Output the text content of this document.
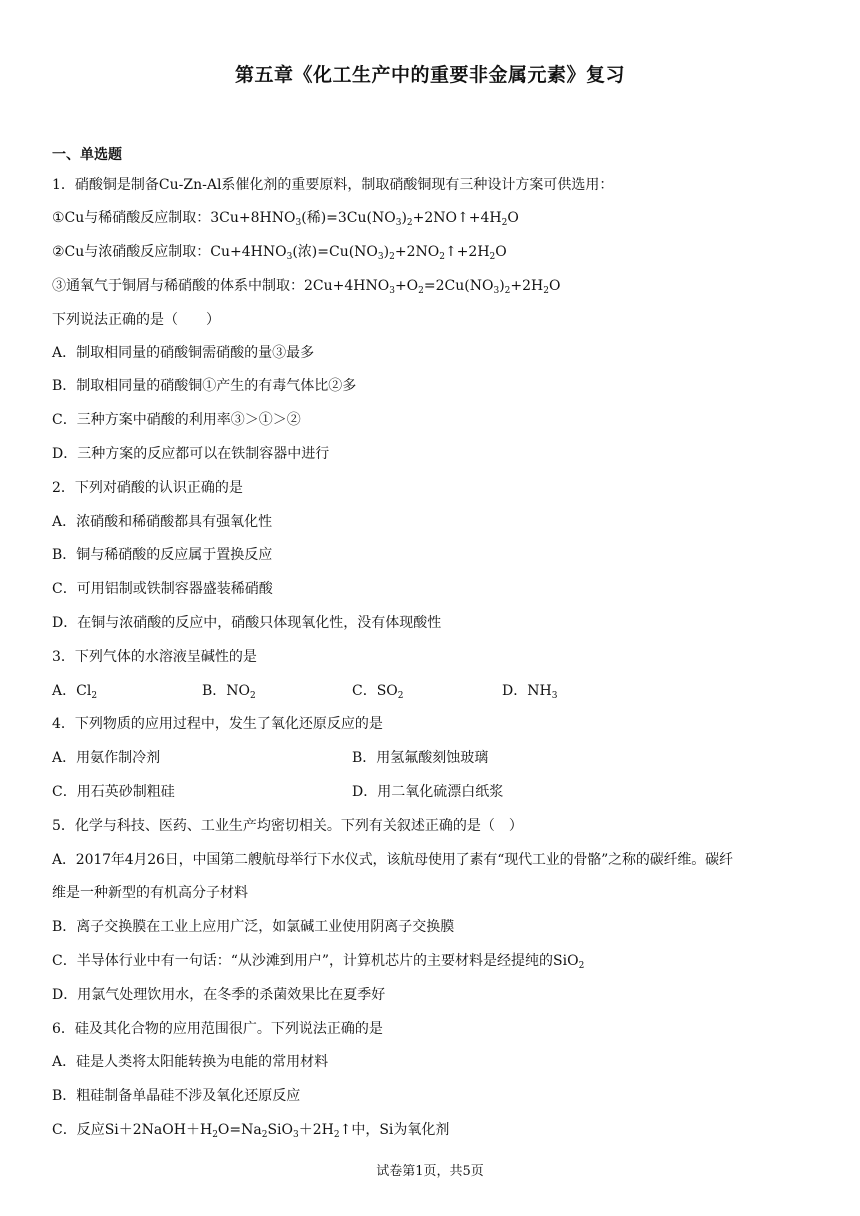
第五章《化工生产中的重要非金属元素》复习
一、单选题
1．硝酸铜是制备Cu-Zn-Al系催化剂的重要原料，制取硝酸铜现有三种设计方案可供选用：
①Cu与稀硝酸反应制取：$3Cu+8HNO_3$(稀)$=3Cu(NO_3)_2+2NO↑+4H_2O$
②Cu与浓硝酸反应制取：$Cu+4HNO_3$(浓)$=Cu(NO_3)_2+2NO_2↑+2H_2O$
③通氧气于铜屑与稀硝酸的体系中制取：$2Cu+4HNO_3+O_2=2Cu(NO_3)_2+2H_2O$
下列说法正确的是（　　）
A．制取相同量的硝酸铜需硝酸的量③最多
B．制取相同量的硝酸铜①产生的有毒气体比②多
C．三种方案中硝酸的利用率③＞①＞②
D．三种方案的反应都可以在铁制容器中进行
2．下列对硝酸的认识正确的是
A．浓硝酸和稀硝酸都具有强氧化性
B．铜与稀硝酸的反应属于置换反应
C．可用铝制或铁制容器盛装稀硝酸
D．在铜与浓硝酸的反应中，硝酸只体现氧化性，没有体现酸性
3．下列气体的水溶液呈碱性的是
A．$Cl_2$	B．$NO_2$	C．$SO_2$	D．$NH_3$
4．下列物质的应用过程中，发生了氧化还原反应的是
A．用氨作制冷剂	B．用氢氟酸刻蚀玻璃
C．用石英砂制粗硅	D．用二氧化硫漂白纸浆
5．化学与科技、医药、工业生产均密切相关。下列有关叙述正确的是（　）
A．2017年4月26日，中国第二艘航母举行下水仪式，该航母使用了素有“现代工业的骨骼”之称的碳纤维。碳纤
维是一种新型的有机高分子材料
B．离子交换膜在工业上应用广泛，如氯碱工业使用阴离子交换膜
C．半导体行业中有一句话：“从沙滩到用户”，计算机芯片的主要材料是经提纯的SiO$_2$
D．用氯气处理饮用水，在冬季的杀菌效果比在夏季好
6．硅及其化合物的应用范围很广。下列说法正确的是
A．硅是人类将太阳能转换为电能的常用材料
B．粗硅制备单晶硅不涉及氧化还原反应
C．反应$Si+2NaOH+H_2O=Na_2SiO_3+2H_2↑$中，Si为氧化剂
试卷第1页，共5页
